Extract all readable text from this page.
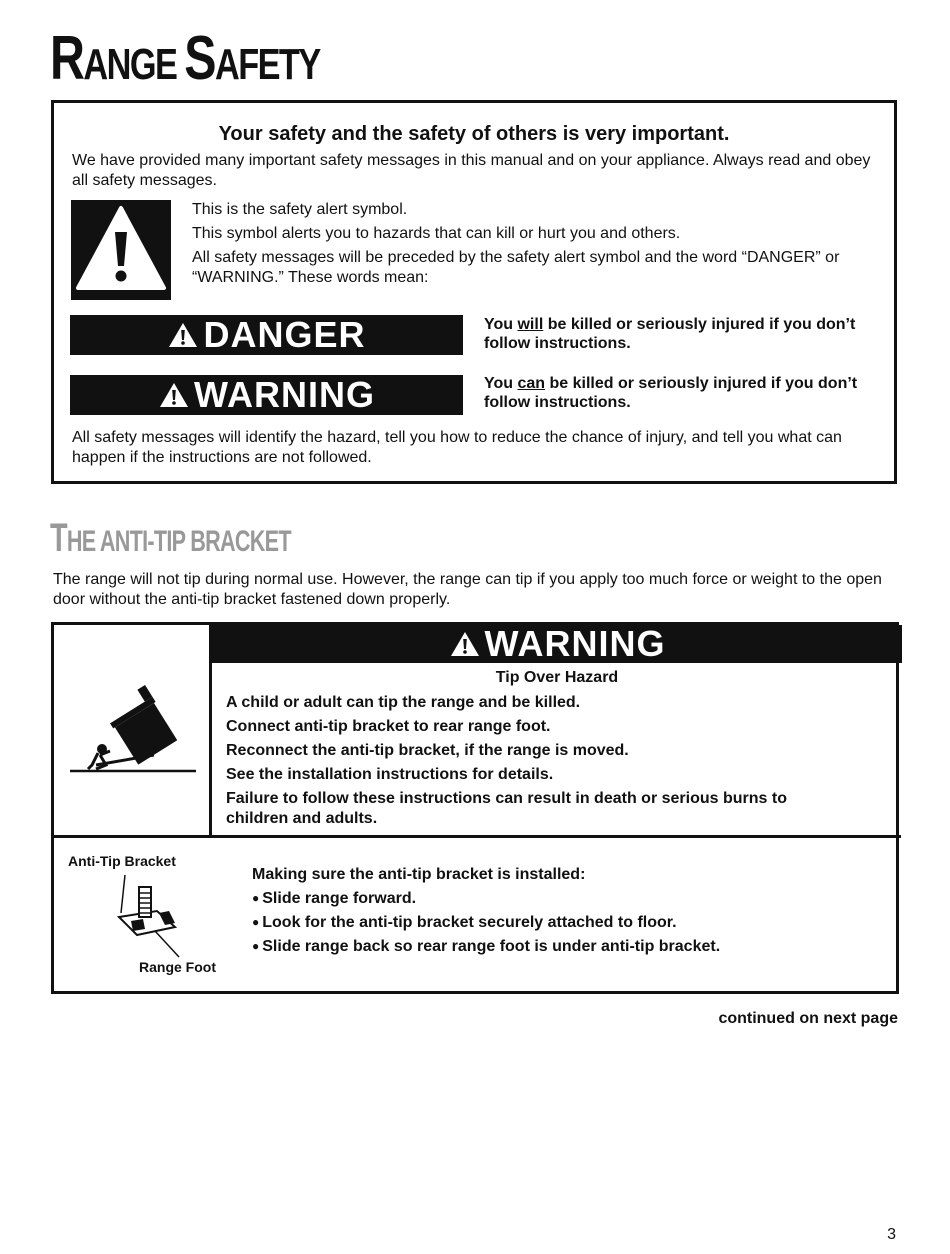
RANGE SAFETY
Your safety and the safety of others is very important.
We have provided many important safety messages in this manual and on your appliance. Always read and obey all safety messages.
This is the safety alert symbol.
This symbol alerts you to hazards that can kill or hurt you and others.
All safety messages will be preceded by the safety alert symbol and the word “DANGER” or “WARNING.” These words mean:
DANGER	You will be killed or seriously injured if you don’t follow instructions.
WARNING	You can be killed or seriously injured if you don’t follow instructions.
All safety messages will identify the hazard, tell you how to reduce the chance of injury, and tell you what can happen if the instructions are not followed.
THE ANTI-TIP BRACKET
The range will not tip during normal use. However, the range can tip if you apply too much force or weight to the open door without the anti-tip bracket fastened down properly.
WARNING
Tip Over Hazard
A child or adult can tip the range and be killed.
Connect anti-tip bracket to rear range foot.
Reconnect the anti-tip bracket, if the range is moved.
See the installation instructions for details.
Failure to follow these instructions can result in death or serious burns to children and adults.
Anti-Tip Bracket
Range Foot
Making sure the anti-tip bracket is installed:
● Slide range forward.
● Look for the anti-tip bracket securely attached to floor.
● Slide range back so rear range foot is under anti-tip bracket.
continued on next page
3
